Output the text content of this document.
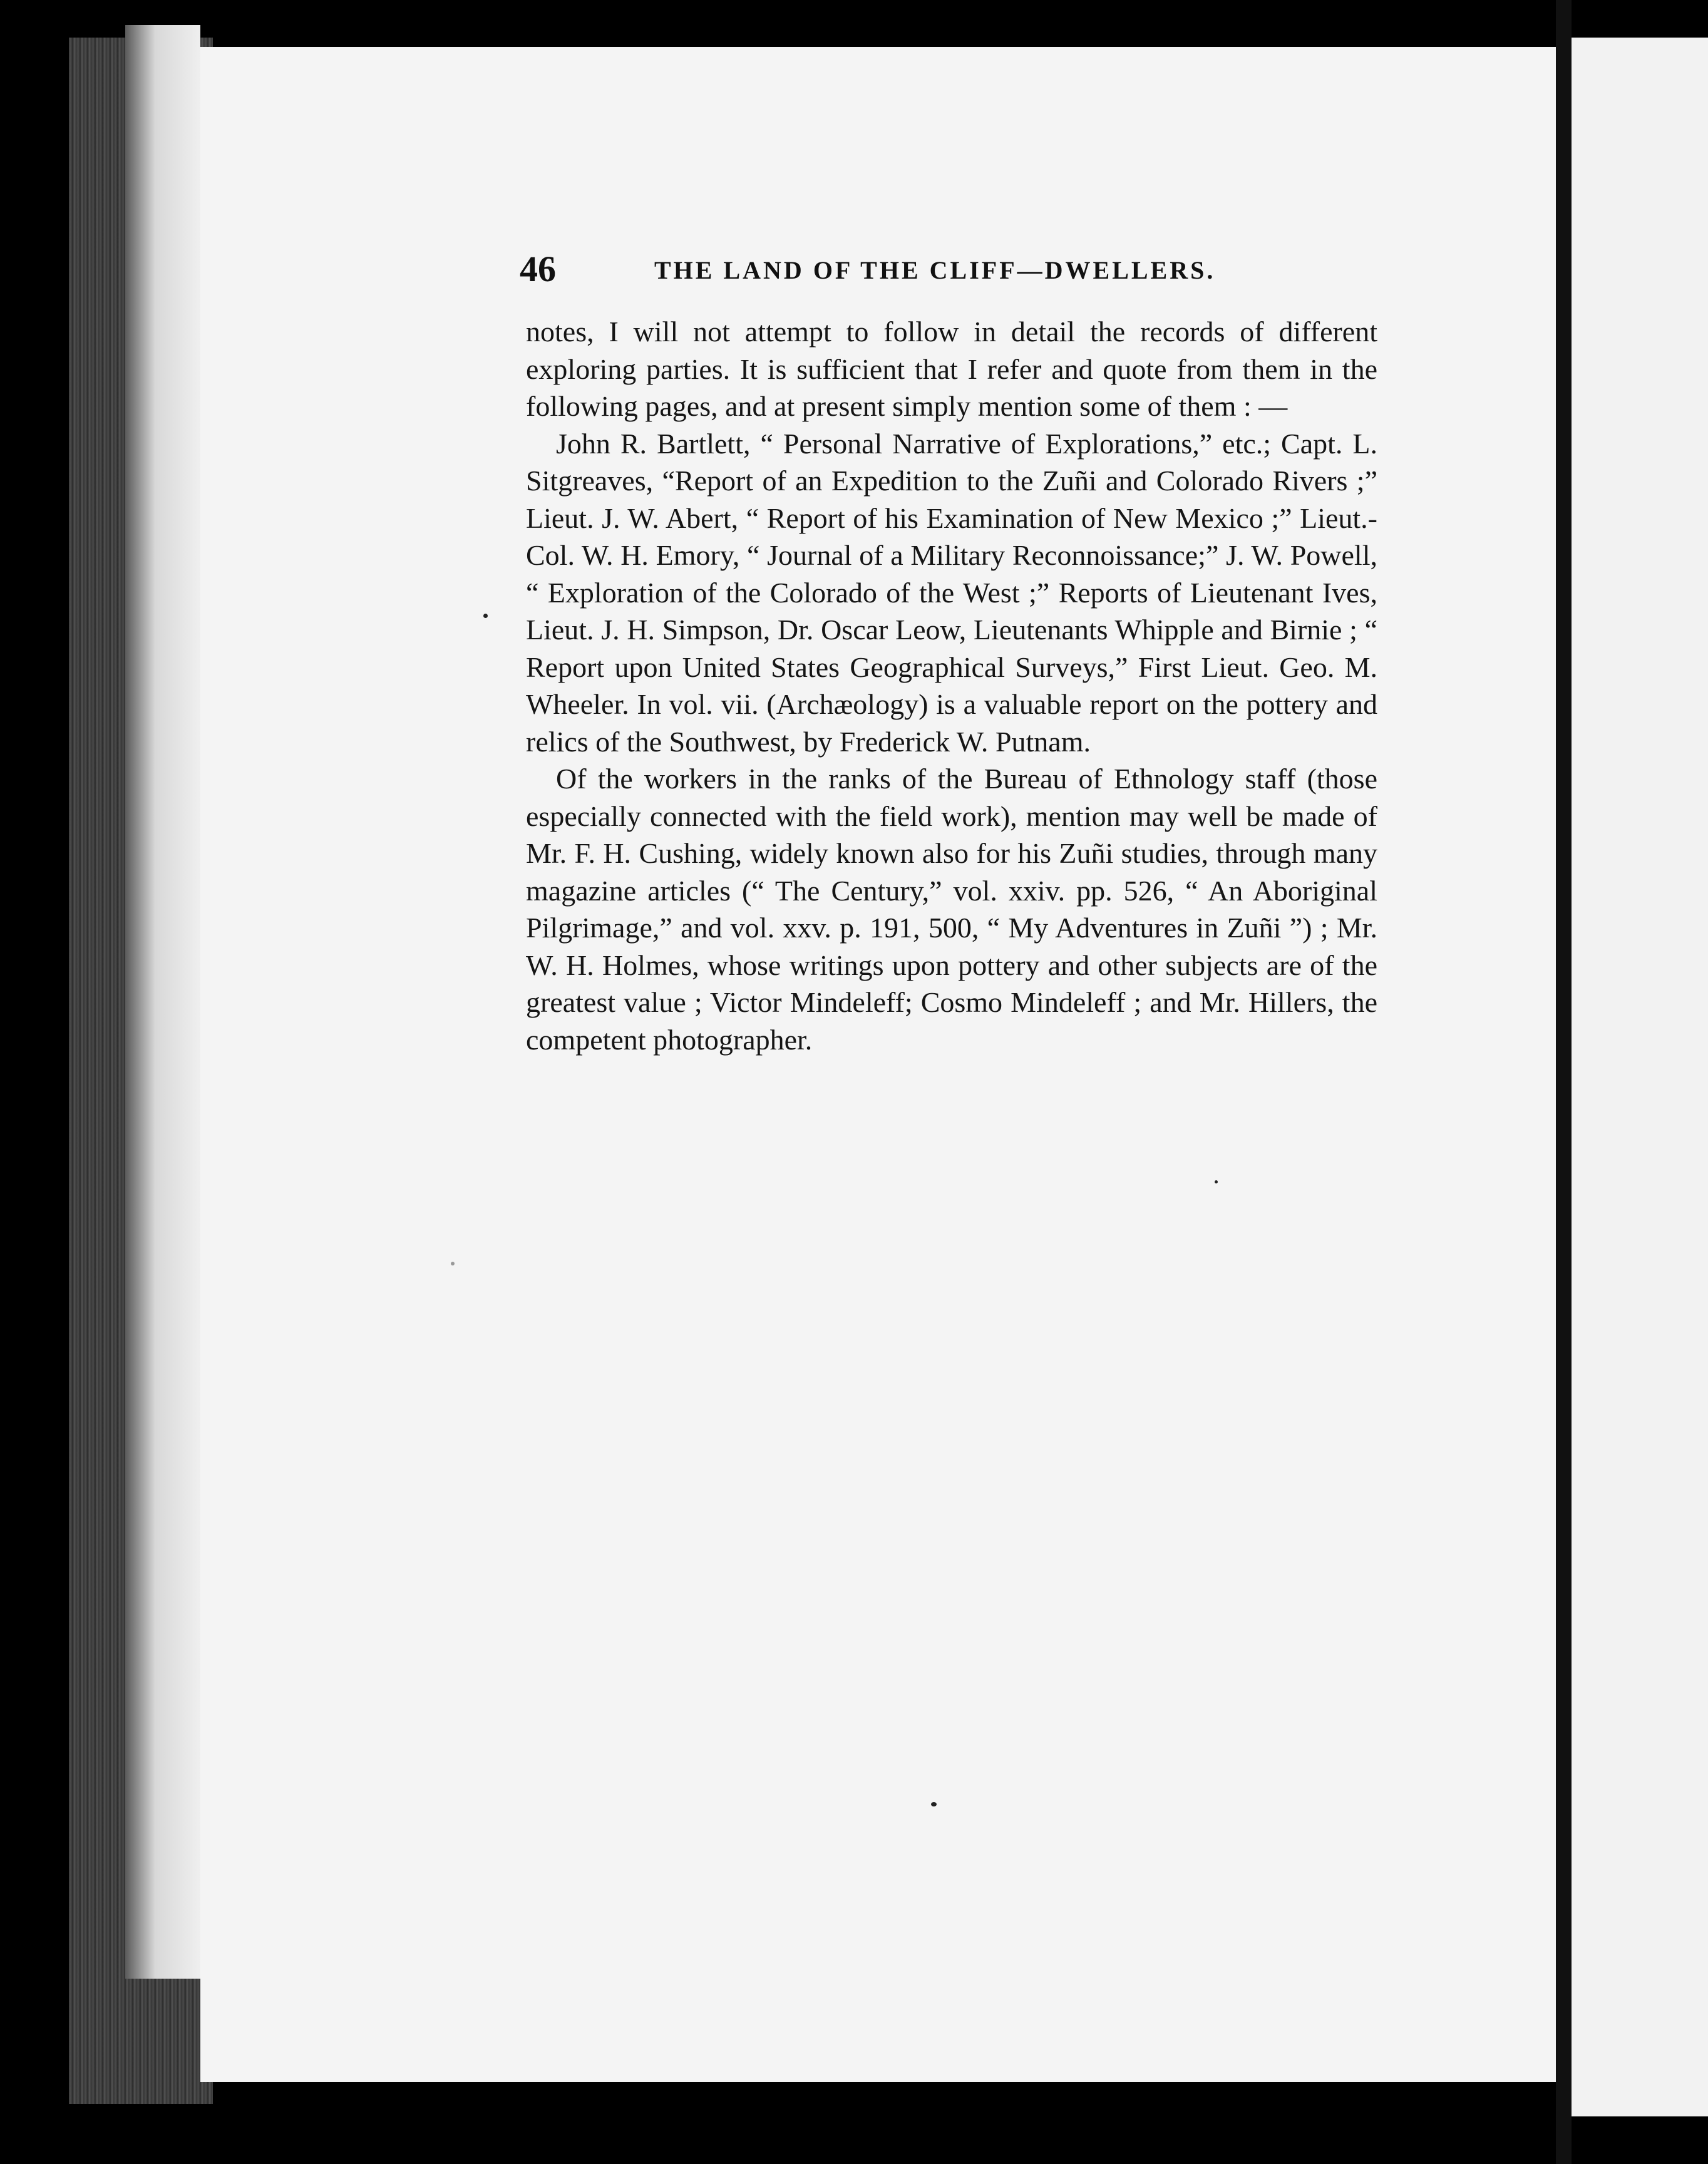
46	THE LAND OF THE CLIFF—DWELLERS.

notes, I will not attempt to follow in detail the records of different exploring parties. It is sufficient that I refer and quote from them in the following pages, and at present simply mention some of them : —

John R. Bartlett, “ Personal Narrative of Explorations,” etc.; Capt. L. Sitgreaves, “Report of an Expedition to the Zuñi and Colorado Rivers ;” Lieut. J. W. Abert, “ Report of his Examination of New Mexico ;” Lieut.-Col. W. H. Emory, “ Journal of a Military Reconnoissance;” J. W. Powell, “ Exploration of the Colorado of the West ;” Reports of Lieutenant Ives, Lieut. J. H. Simpson, Dr. Oscar Leow, Lieutenants Whipple and Birnie ; “ Report upon United States Geographical Surveys,” First Lieut. Geo. M. Wheeler. In vol. vii. (Archæology) is a valuable report on the pottery and relics of the Southwest, by Frederick W. Putnam.

Of the workers in the ranks of the Bureau of Ethnology staff (those especially connected with the field work), mention may well be made of Mr. F. H. Cushing, widely known also for his Zuñi studies, through many magazine articles (“ The Century,” vol. xxiv. pp. 526, “ An Aboriginal Pilgrimage,” and vol. xxv. p. 191, 500, “ My Adventures in Zuñi ”) ; Mr. W. H. Holmes, whose writings upon pottery and other subjects are of the greatest value ; Victor Mindeleff; Cosmo Mindeleff ; and Mr. Hillers, the competent photographer.
